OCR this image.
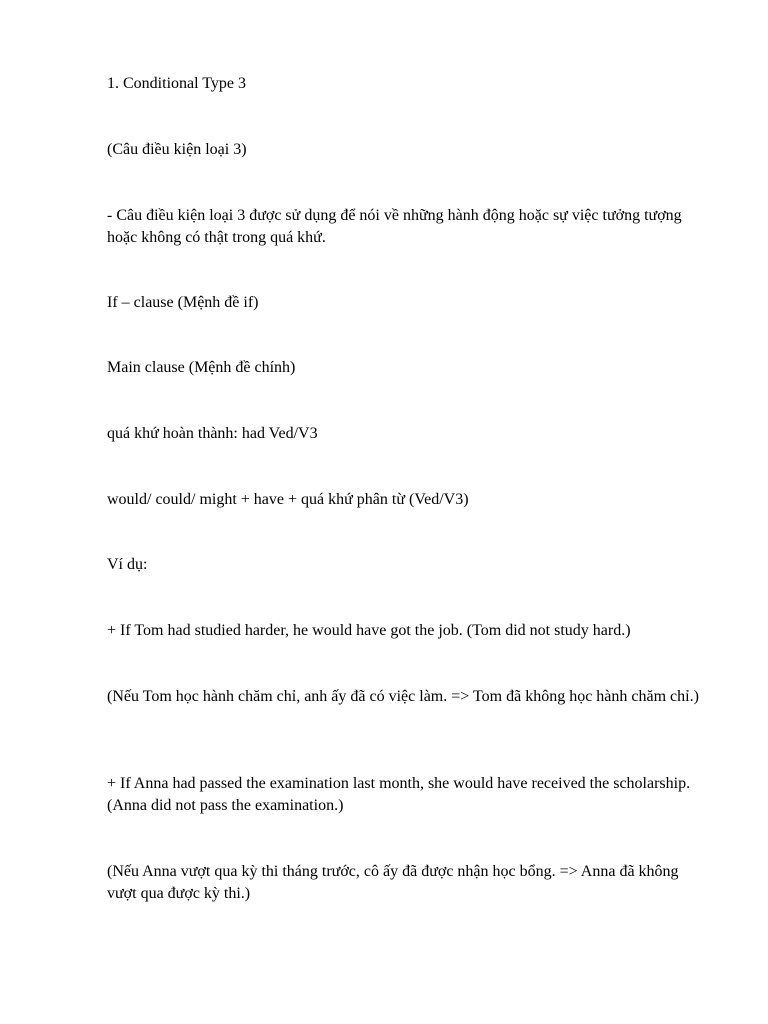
1. Conditional Type 3

(Câu điều kiện loại 3)

- Câu điều kiện loại 3 được sử dụng để nói về những hành động hoặc sự việc tưởng tượng hoặc không có thật trong quá khứ.

If – clause (Mệnh đề if)

Main clause (Mệnh đề chính)

quá khứ hoàn thành: had Ved/V3

would/ could/ might + have + quá khứ phân từ (Ved/V3)

Ví dụ:

+ If Tom had studied harder, he would have got the job. (Tom did not study hard.)

(Nếu Tom học hành chăm chỉ, anh ấy đã có việc làm. => Tom đã không học hành chăm chỉ.)

+ If Anna had passed the examination last month, she would have received the scholarship. (Anna did not pass the examination.)

(Nếu Anna vượt qua kỳ thi tháng trước, cô ấy đã được nhận học bổng. => Anna đã không vượt qua được kỳ thi.)
